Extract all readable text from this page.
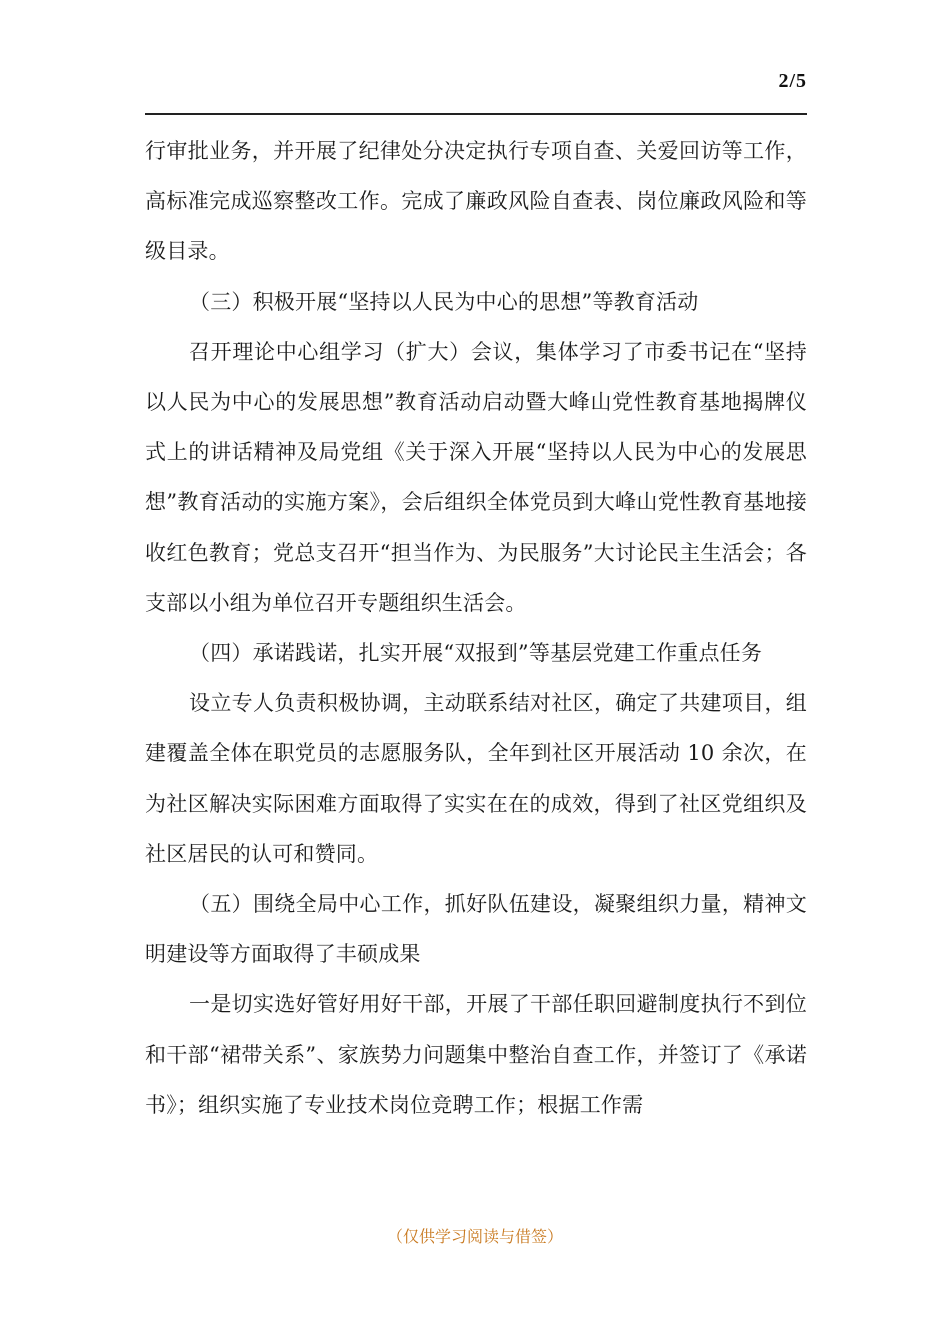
2/5

行审批业务，并开展了纪律处分决定执行专项自查、关爱回访等工作，高标准完成巡察整改工作。完成了廉政风险自查表、岗位廉政风险和等级目录。

（三）积极开展“坚持以人民为中心的思想”等教育活动

召开理论中心组学习（扩大）会议，集体学习了市委书记在“坚持以人民为中心的发展思想”教育活动启动暨大峰山党性教育基地揭牌仪式上的讲话精神及局党组《关于深入开展“坚持以人民为中心的发展思想”教育活动的实施方案》，会后组织全体党员到大峰山党性教育基地接收红色教育；党总支召开“担当作为、为民服务”大讨论民主生活会；各支部以小组为单位召开专题组织生活会。

（四）承诺践诺，扎实开展“双报到”等基层党建工作重点任务

设立专人负责积极协调，主动联系结对社区，确定了共建项目，组建覆盖全体在职党员的志愿服务队，全年到社区开展活动 10 余次，在为社区解决实际困难方面取得了实实在在的成效，得到了社区党组织及社区居民的认可和赞同。

（五）围绕全局中心工作，抓好队伍建设，凝聚组织力量，精神文明建设等方面取得了丰硕成果

一是切实选好管好用好干部，开展了干部任职回避制度执行不到位和干部“裙带关系”、家族势力问题集中整治自查工作，并签订了《承诺书》；组织实施了专业技术岗位竞聘工作；根据工作需

（仅供学习阅读与借签）
